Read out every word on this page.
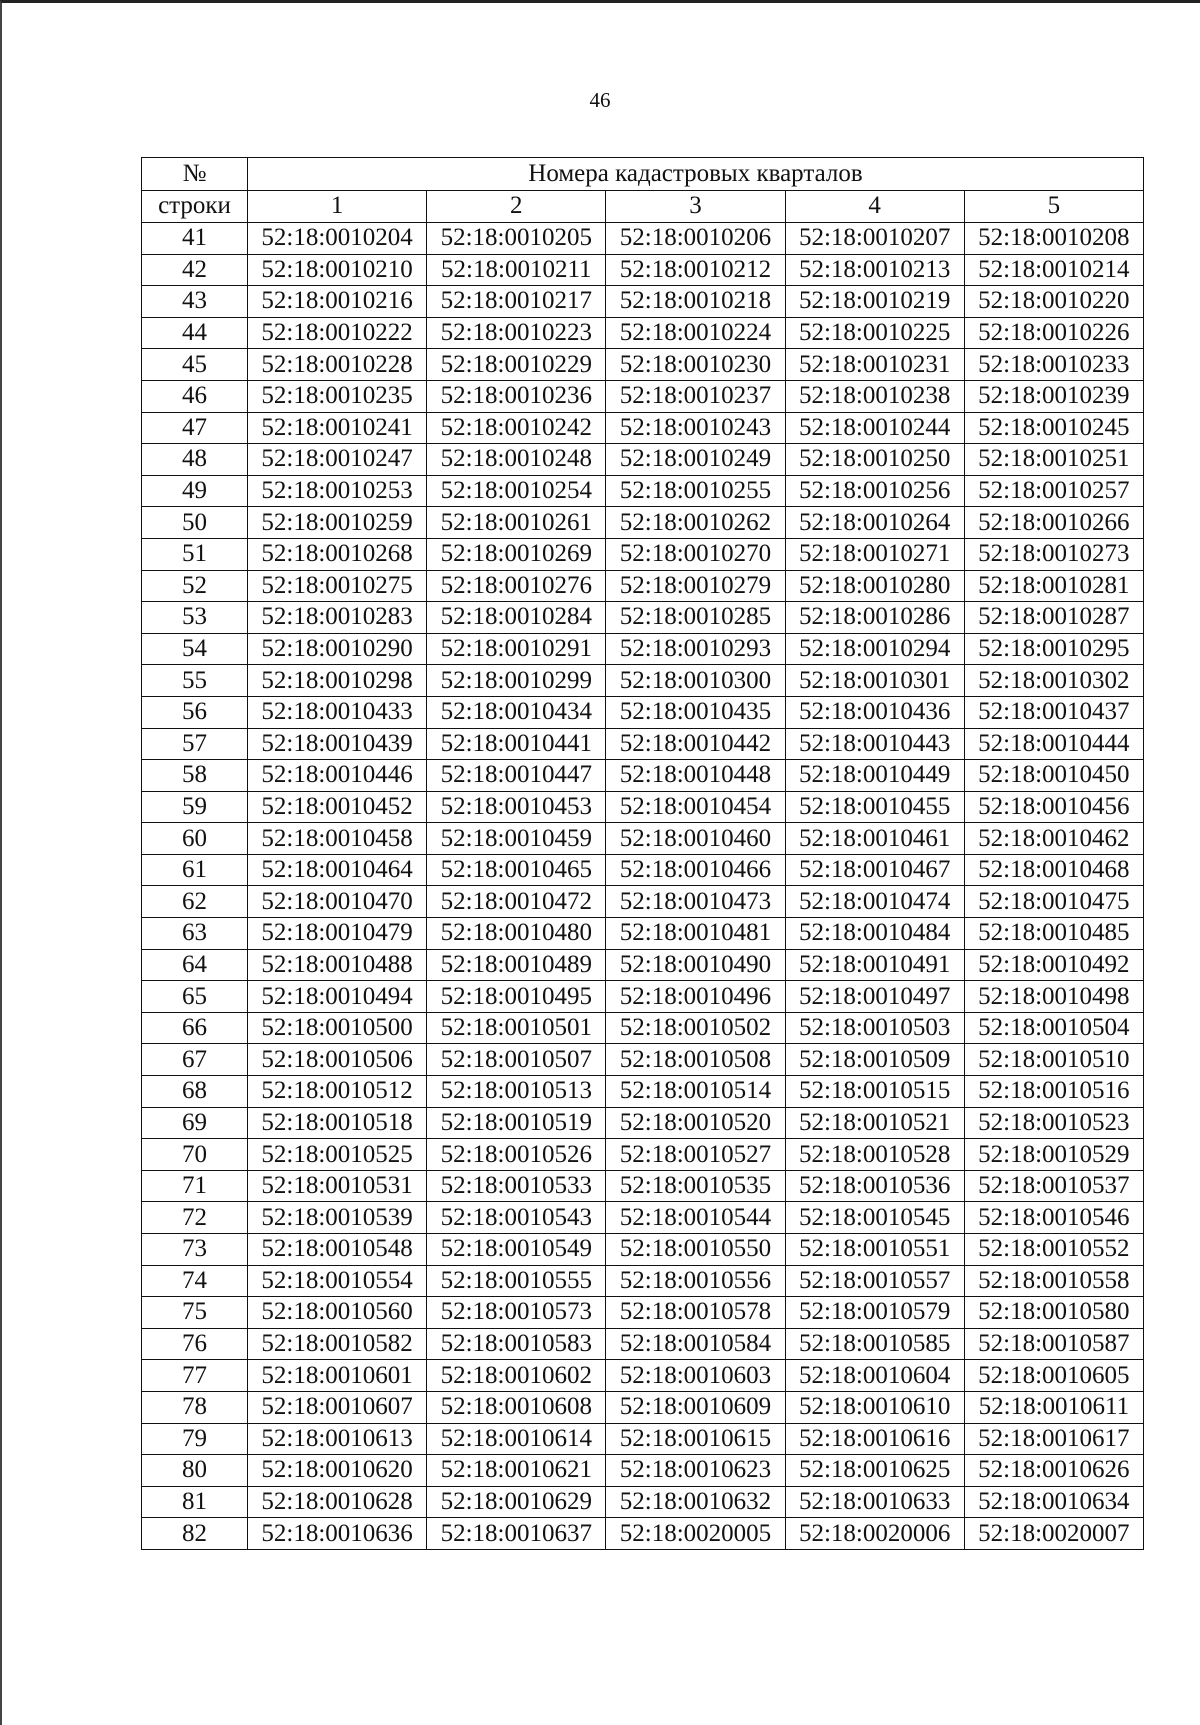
46
№	Номера кадастровых кварталов				
строки	1	2	3	4	5
41	52:18:0010204	52:18:0010205	52:18:0010206	52:18:0010207	52:18:0010208
42	52:18:0010210	52:18:0010211	52:18:0010212	52:18:0010213	52:18:0010214
43	52:18:0010216	52:18:0010217	52:18:0010218	52:18:0010219	52:18:0010220
44	52:18:0010222	52:18:0010223	52:18:0010224	52:18:0010225	52:18:0010226
45	52:18:0010228	52:18:0010229	52:18:0010230	52:18:0010231	52:18:0010233
46	52:18:0010235	52:18:0010236	52:18:0010237	52:18:0010238	52:18:0010239
47	52:18:0010241	52:18:0010242	52:18:0010243	52:18:0010244	52:18:0010245
48	52:18:0010247	52:18:0010248	52:18:0010249	52:18:0010250	52:18:0010251
49	52:18:0010253	52:18:0010254	52:18:0010255	52:18:0010256	52:18:0010257
50	52:18:0010259	52:18:0010261	52:18:0010262	52:18:0010264	52:18:0010266
51	52:18:0010268	52:18:0010269	52:18:0010270	52:18:0010271	52:18:0010273
52	52:18:0010275	52:18:0010276	52:18:0010279	52:18:0010280	52:18:0010281
53	52:18:0010283	52:18:0010284	52:18:0010285	52:18:0010286	52:18:0010287
54	52:18:0010290	52:18:0010291	52:18:0010293	52:18:0010294	52:18:0010295
55	52:18:0010298	52:18:0010299	52:18:0010300	52:18:0010301	52:18:0010302
56	52:18:0010433	52:18:0010434	52:18:0010435	52:18:0010436	52:18:0010437
57	52:18:0010439	52:18:0010441	52:18:0010442	52:18:0010443	52:18:0010444
58	52:18:0010446	52:18:0010447	52:18:0010448	52:18:0010449	52:18:0010450
59	52:18:0010452	52:18:0010453	52:18:0010454	52:18:0010455	52:18:0010456
60	52:18:0010458	52:18:0010459	52:18:0010460	52:18:0010461	52:18:0010462
61	52:18:0010464	52:18:0010465	52:18:0010466	52:18:0010467	52:18:0010468
62	52:18:0010470	52:18:0010472	52:18:0010473	52:18:0010474	52:18:0010475
63	52:18:0010479	52:18:0010480	52:18:0010481	52:18:0010484	52:18:0010485
64	52:18:0010488	52:18:0010489	52:18:0010490	52:18:0010491	52:18:0010492
65	52:18:0010494	52:18:0010495	52:18:0010496	52:18:0010497	52:18:0010498
66	52:18:0010500	52:18:0010501	52:18:0010502	52:18:0010503	52:18:0010504
67	52:18:0010506	52:18:0010507	52:18:0010508	52:18:0010509	52:18:0010510
68	52:18:0010512	52:18:0010513	52:18:0010514	52:18:0010515	52:18:0010516
69	52:18:0010518	52:18:0010519	52:18:0010520	52:18:0010521	52:18:0010523
70	52:18:0010525	52:18:0010526	52:18:0010527	52:18:0010528	52:18:0010529
71	52:18:0010531	52:18:0010533	52:18:0010535	52:18:0010536	52:18:0010537
72	52:18:0010539	52:18:0010543	52:18:0010544	52:18:0010545	52:18:0010546
73	52:18:0010548	52:18:0010549	52:18:0010550	52:18:0010551	52:18:0010552
74	52:18:0010554	52:18:0010555	52:18:0010556	52:18:0010557	52:18:0010558
75	52:18:0010560	52:18:0010573	52:18:0010578	52:18:0010579	52:18:0010580
76	52:18:0010582	52:18:0010583	52:18:0010584	52:18:0010585	52:18:0010587
77	52:18:0010601	52:18:0010602	52:18:0010603	52:18:0010604	52:18:0010605
78	52:18:0010607	52:18:0010608	52:18:0010609	52:18:0010610	52:18:0010611
79	52:18:0010613	52:18:0010614	52:18:0010615	52:18:0010616	52:18:0010617
80	52:18:0010620	52:18:0010621	52:18:0010623	52:18:0010625	52:18:0010626
81	52:18:0010628	52:18:0010629	52:18:0010632	52:18:0010633	52:18:0010634
82	52:18:0010636	52:18:0010637	52:18:0020005	52:18:0020006	52:18:0020007
